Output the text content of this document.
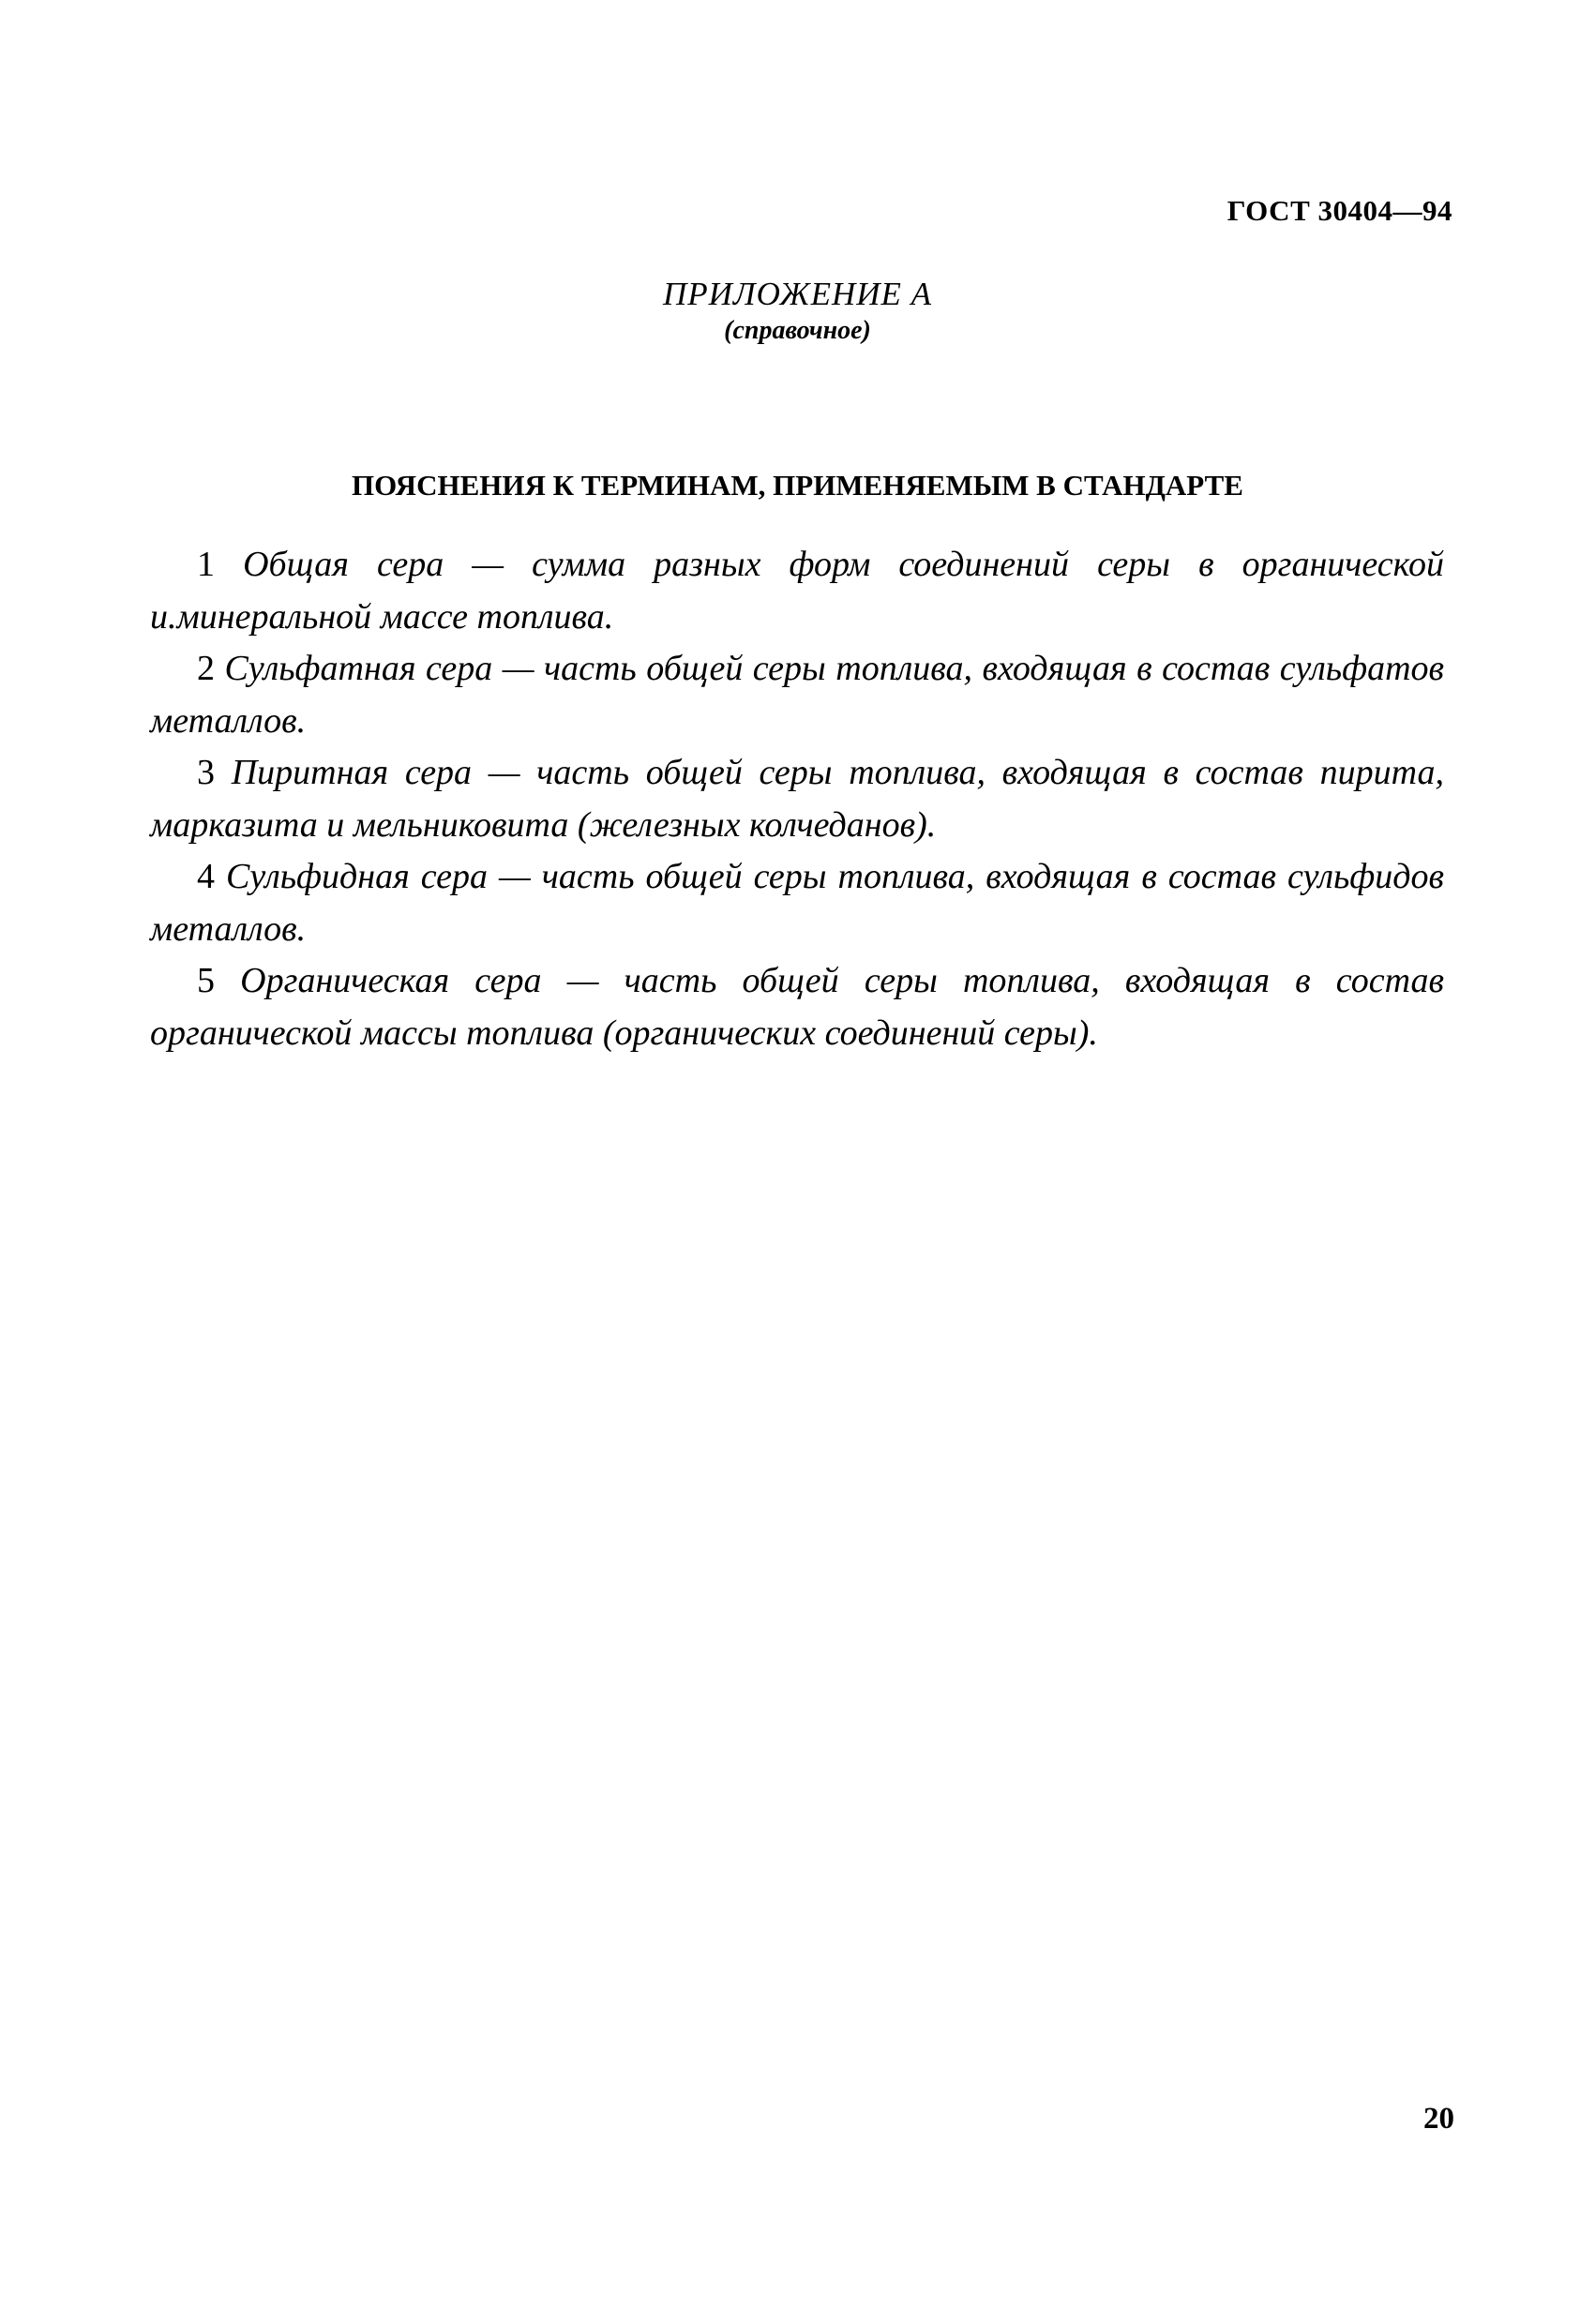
ГОСТ 30404—94
ПРИЛОЖЕНИЕ А
(справочное)
ПОЯСНЕНИЯ К ТЕРМИНАМ, ПРИМЕНЯЕМЫМ В СТАНДАРТЕ

1 Общая сера — сумма разных форм соединений серы в органической и.минеральной массе топлива.

2 Сульфатная сера — часть общей серы топлива, входящая в состав сульфатов металлов.

3 Пиритная сера — часть общей серы топлива, входящая в состав пирита, марказита и мельниковита (железных колчеданов).

4 Сульфидная сера — часть общей серы топлива, входящая в состав сульфидов металлов.

5 Органическая сера — часть общей серы топлива, входящая в состав органической массы топлива (органических соединений серы).

20
